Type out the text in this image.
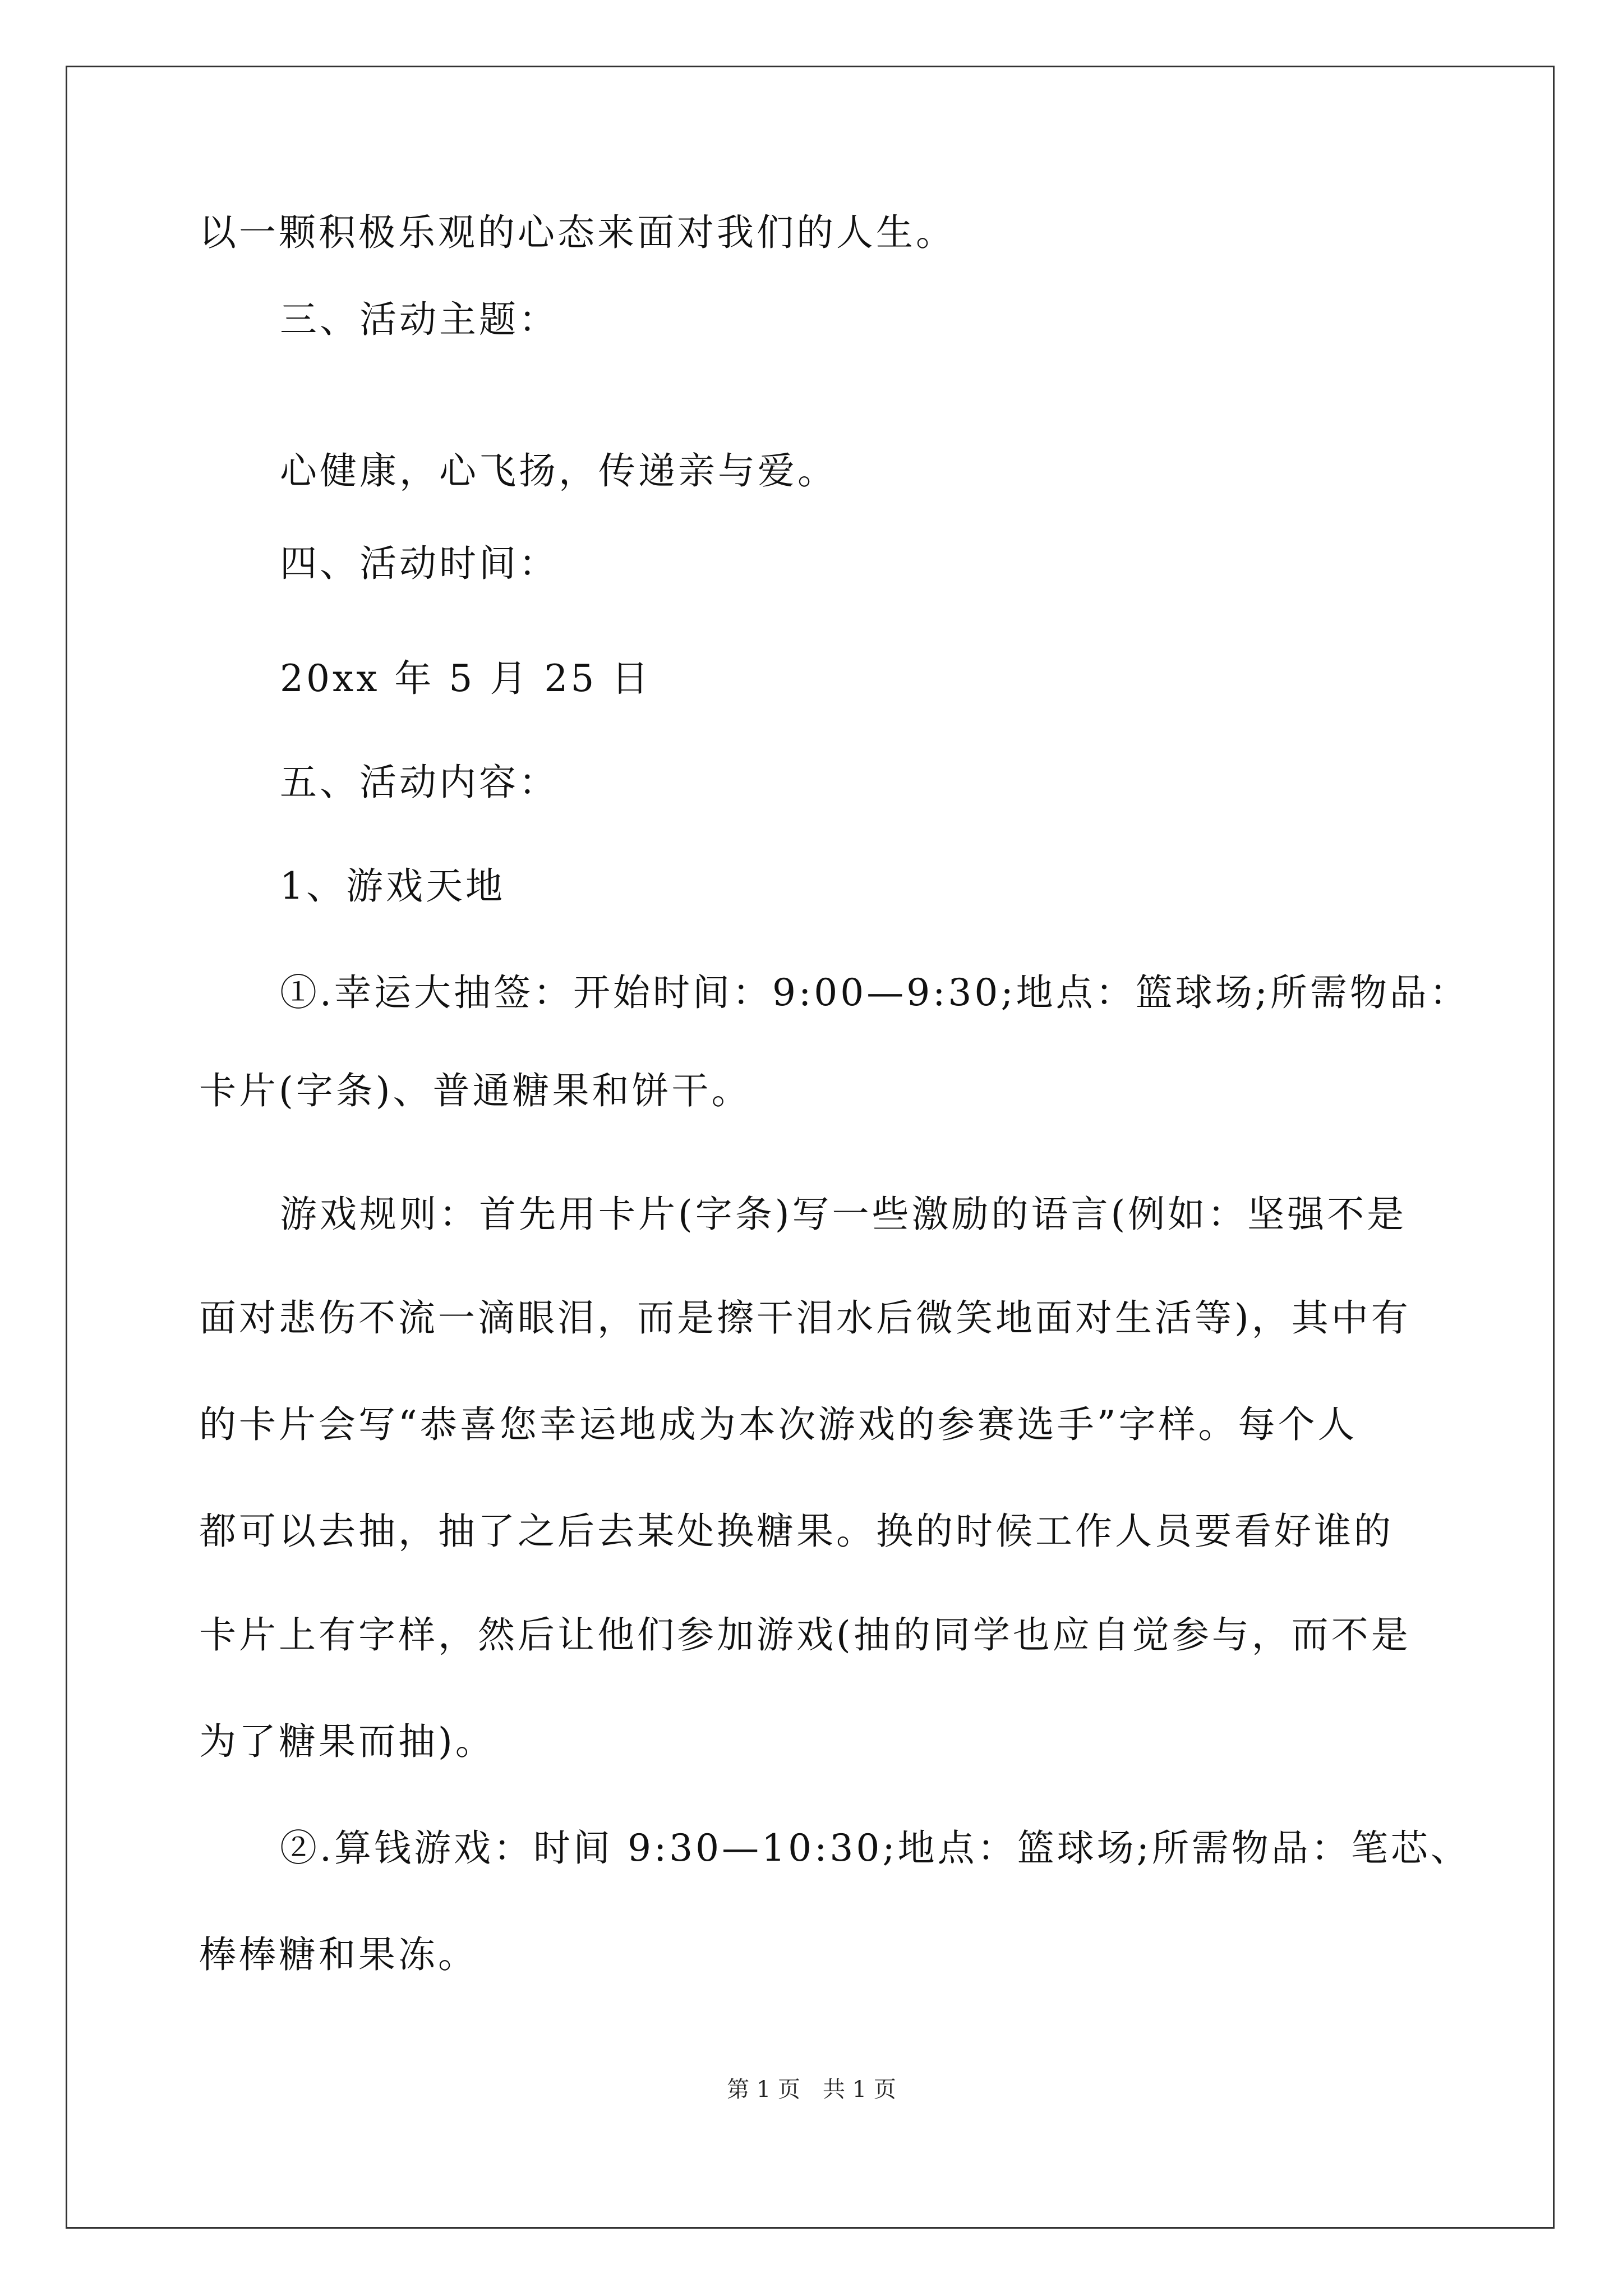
以一颗积极乐观的心态来面对我们的人生。
三、活动主题：
心健康，心飞扬，传递亲与爱。
四、活动时间：
20xx 年 5 月 25 日
五、活动内容：
1、游戏天地
①.幸运大抽签：开始时间：9:00—9:30;地点：篮球场;所需物品：
卡片(字条)、普通糖果和饼干。
游戏规则：首先用卡片(字条)写一些激励的语言(例如：坚强不是
面对悲伤不流一滴眼泪，而是擦干泪水后微笑地面对生活等)，其中有
的卡片会写“恭喜您幸运地成为本次游戏的参赛选手”字样。每个人
都可以去抽，抽了之后去某处换糖果。换的时候工作人员要看好谁的
卡片上有字样，然后让他们参加游戏(抽的同学也应自觉参与，而不是
为了糖果而抽)。
②.算钱游戏：时间 9:30—10:30;地点：篮球场;所需物品：笔芯、
棒棒糖和果冻。
第 1 页 共 1 页
